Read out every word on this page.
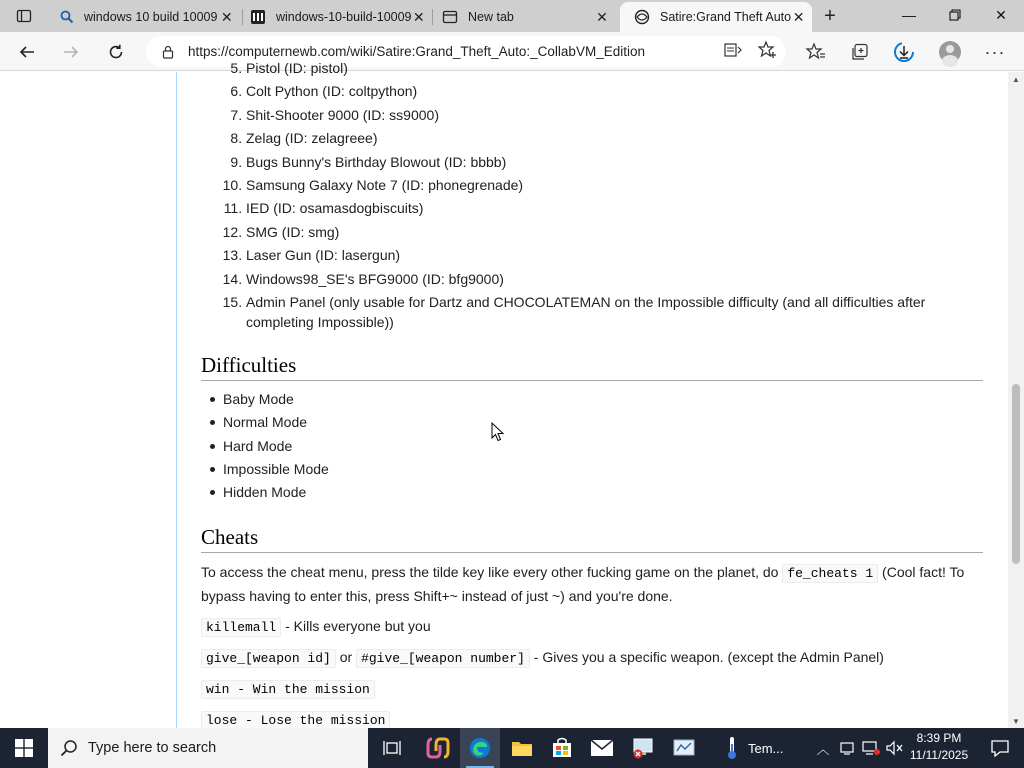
windows 10 build 10009 ✕	windows-10-build-10009 ✕	New tab	✕	Satire:Grand Theft Auto ✕ +	—	✕
https://computernewb.com/wiki/Satire:Grand_Theft_Auto:_CollabVM_Edition	···
5. Pistol (ID: pistol)
6. Colt Python (ID: coltpython)
7. Shit-Shooter 9000 (ID: ss9000)
8. Zelag (ID: zelagreee)
9. Bugs Bunny's Birthday Blowout (ID: bbbb)
10. Samsung Galaxy Note 7 (ID: phonegrenade)
11. IED (ID: osamasdogbiscuits)
12. SMG (ID: smg)
13. Laser Gun (ID: lasergun)
14. Windows98_SE's BFG9000 (ID: bfg9000)
15. Admin Panel (only usable for Dartz and CHOCOLATEMAN on the Impossible difficulty (and all difficulties after completing Impossible))
Difficulties
Baby Mode
Normal Mode
Hard Mode
Impossible Mode
Hidden Mode
Cheats

To access the cheat menu, press the tilde key like every other fucking game on the planet, do fe_cheats 1 (Cool fact! To bypass having to enter this, press Shift+~ instead of just ~) and you're done.

killemall - Kills everyone but you
give_[weapon id] or #give_[weapon number] - Gives you a specific weapon. (except the Admin Panel)
win - Win the mission
lose - Lose the mission
▲
▼
Type here to search	Tem...	︿
8:39 PM
11/11/2025
